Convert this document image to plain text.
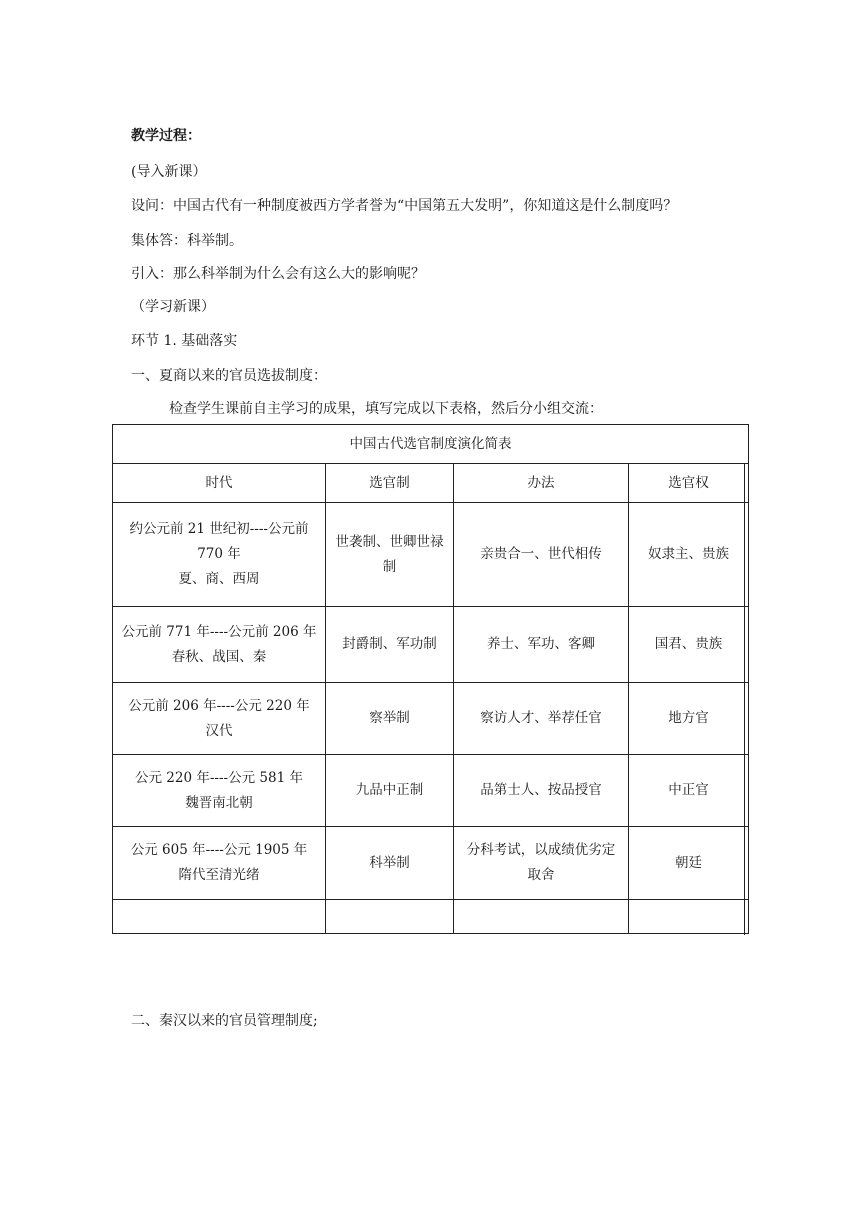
教学过程：
(导入新课）
设问：中国古代有一种制度被西方学者誉为“中国第五大发明”，你知道这是什么制度吗？
集体答：科举制。
引入：那么科举制为什么会有这么大的影响呢？
（学习新课）
环节 1. 基础落实
一、夏商以来的官员选拔制度：
检查学生课前自主学习的成果，填写完成以下表格，然后分小组交流：
中国古代选官制度演化简表			
时代	选官制	办法	选官权

约公元前 21 世纪初----公元前
770 年
夏、商、西周	世袭制、世卿世禄
制	亲贵合一、世代相传	奴隶主、贵族

公元前 771 年----公元前 206 年
春秋、战国、秦	封爵制、军功制	养士、军功、客卿	国君、贵族

公元前 206 年----公元 220 年
汉代	察举制	察访人才、举荐任官	地方官

公元 220 年----公元 581 年
魏晋南北朝	九品中正制	品第士人、按品授官	中正官

公元 605 年----公元 1905 年
隋代至清光绪	科举制	分科考试，以成绩优劣定
取舍	朝廷

二、秦汉以来的官员管理制度;
